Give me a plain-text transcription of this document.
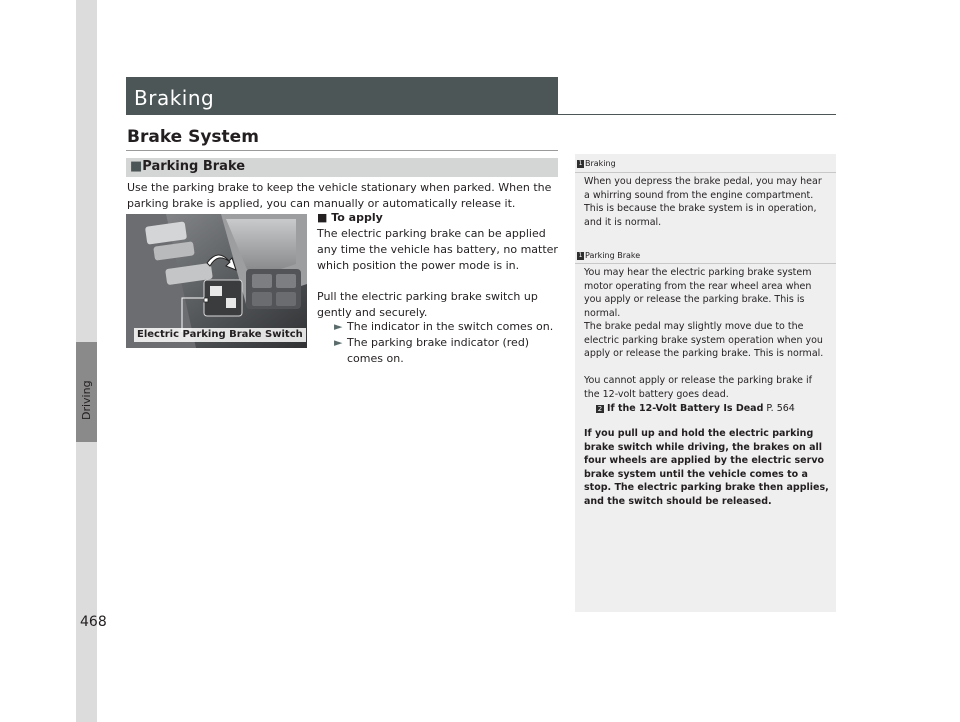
Driving
468
Braking
Brake System
■Parking Brake
Use the parking brake to keep the vehicle stationary when parked. When the parking brake is applied, you can manually or automatically release it.
Electric Parking Brake Switch
■ To apply
The electric parking brake can be applied any time the vehicle has battery, no matter which position the power mode is in.
Pull the electric parking brake switch up gently and securely.
► The indicator in the switch comes on.
► The parking brake indicator (red) comes on.
1 Braking
When you depress the brake pedal, you may hear a whirring sound from the engine compartment. This is because the brake system is in operation, and it is normal.
1 Parking Brake
You may hear the electric parking brake system motor operating from the rear wheel area when you apply or release the parking brake. This is normal.
The brake pedal may slightly move due to the electric parking brake system operation when you apply or release the parking brake. This is normal.
You cannot apply or release the parking brake if the 12-volt battery goes dead.
2 If the 12-Volt Battery Is Dead P. 564
If you pull up and hold the electric parking brake switch while driving, the brakes on all four wheels are applied by the electric servo brake system until the vehicle comes to a stop. The electric parking brake then applies, and the switch should be released.
